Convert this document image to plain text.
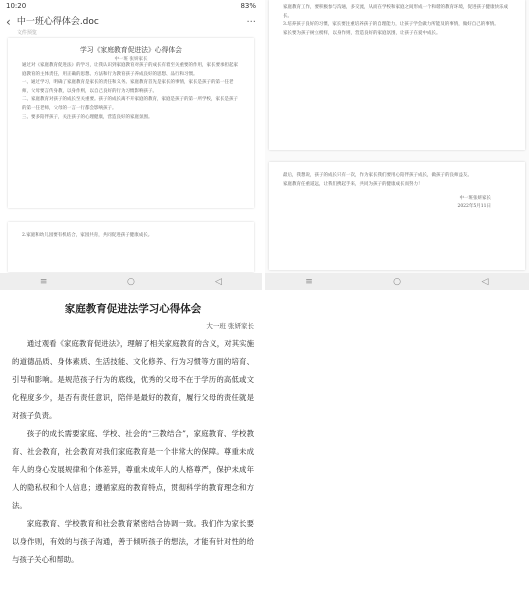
10:20	83%
‹ 中一班心得体会.doc
文件预览
···
学习《家庭教育促进法》心得体会
中一班 张妍家长

通过对《家庭教育促进法》的学习，让我认识到家庭教育对孩子的成长有着至关重要的作用，家长要承担起家庭教育的主体责任，用正确的思想、方法和行为教育孩子养成良好的思想、品行和习惯。

一、通过学习，明确了家庭教育是家长的责任和义务。家庭教育首先是家长的事情，家长是孩子的第一任老师，父母要言传身教，以身作则，以自己良好的行为习惯影响孩子。

二、家庭教育对孩子的成长至关重要。孩子的成长离不开家庭的教育，家庭是孩子的第一所学校，家长是孩子的第一任老师，父母的一言一行都会影响孩子。

三、要多陪伴孩子，关注孩子的心理健康，营造良好的家庭氛围。

2.家庭和幼儿园要有机结合，家园共育，共同促进孩子健康成长。

≡	○	◁

家庭教育工作，要积极参与沟通，多交流，从而在学校和家庭之间形成一个和谐的教育环境，促进孩子健康快乐成长。

3.培养孩子良好的习惯，家长要注重培养孩子的自理能力，让孩子学会做力所能及的事情，做好自己的事情。

家长要为孩子树立榜样，以身作则，营造良好的家庭氛围，让孩子在爱中成长。

最后，我想说，孩子的成长只有一次，作为家长我们要用心陪伴孩子成长，做孩子的良师益友。

家庭教育任重道远，让我们携起手来，共同为孩子的健康成长而努力！

中一班张妍家长
2022年5月11日
≡	○	◁
家庭教育促进法学习心得体会
大一班 张妍家长

通过观看《家庭教育促进法》，理解了相关家庭教育的含义，对其实施的道德品质、身体素质、生活技能、文化修养、行为习惯等方面的培育、引导和影响。是规范孩子行为的底线，优秀的父母不在于学历的高低或文化程度多少，是否有责任意识，陪伴是最好的教育，履行父母的责任就是对孩子负责。

孩子的成长需要家庭、学校、社会的“三教结合”，家庭教育、学校教育、社会教育，社会教育对我们家庭教育是一个非常大的保障。尊重未成年人的身心发展规律和个体差异，尊重未成年人的人格尊严，保护未成年人的隐私权和个人信息；遵循家庭的教育特点，贯彻科学的教育理念和方法。

家庭教育、学校教育和社会教育紧密结合协调一致。我们作为家长要以身作则，有效的与孩子沟通，善于倾听孩子的想法，才能有针对性的给与孩子关心和帮助。
